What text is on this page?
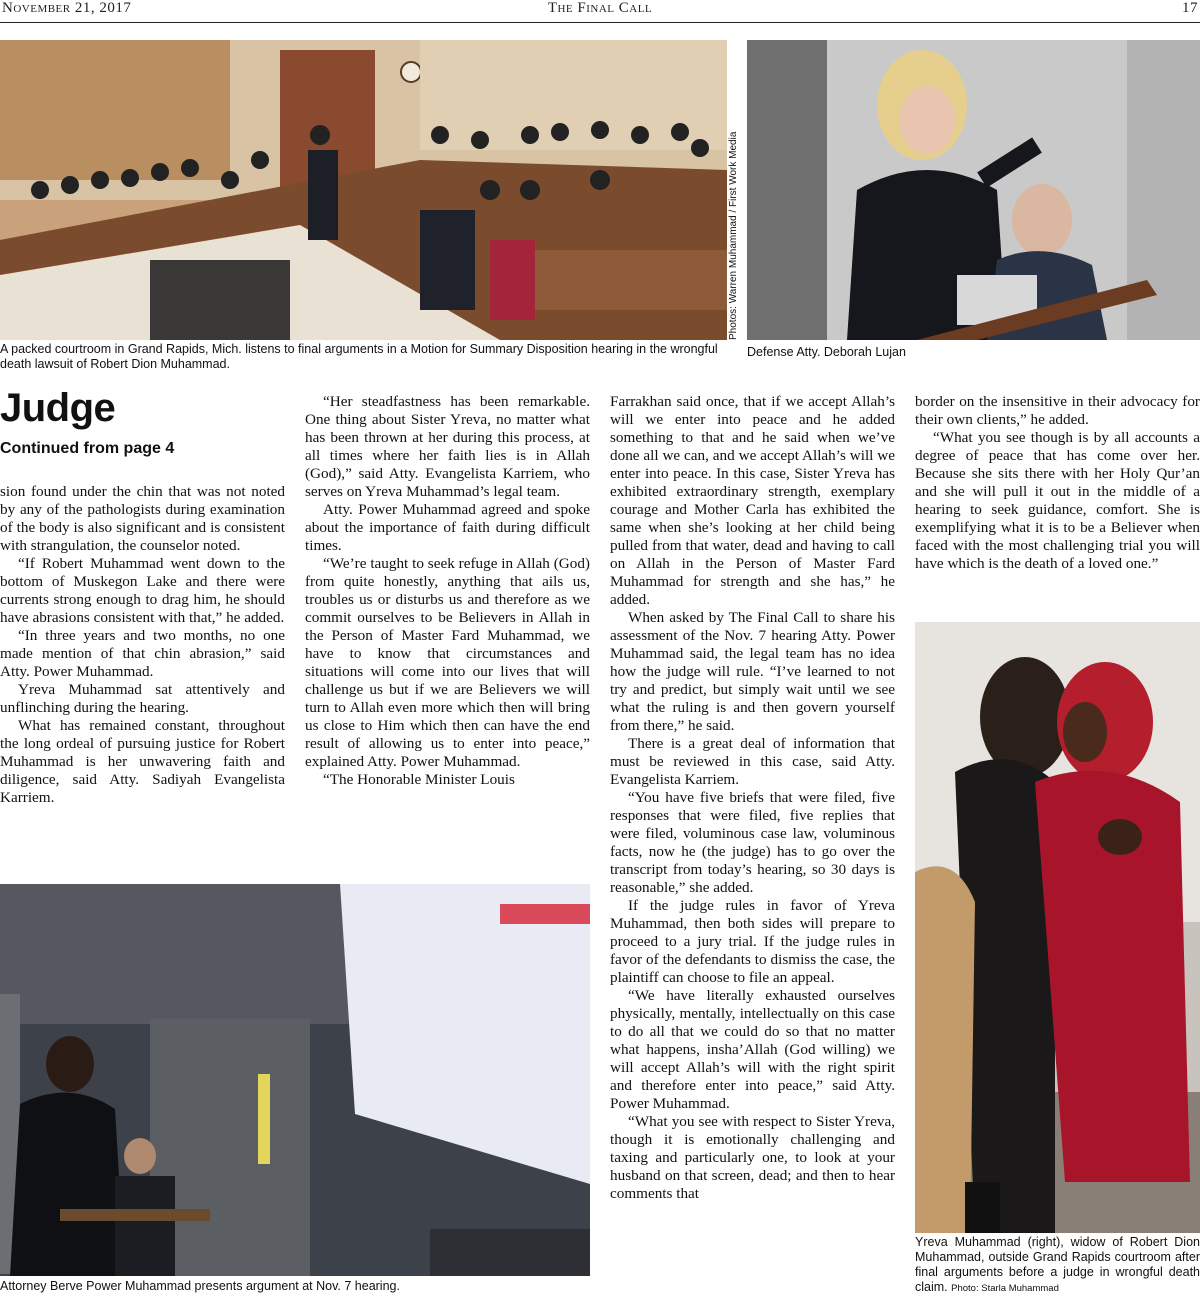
November 21, 2017	The Final Call	17
Photos: Warren Muhammad / First Work Media
A packed courtroom in Grand Rapids, Mich. listens to final arguments in a Motion for Summary Disposition hearing in the wrongful death lawsuit of Robert Dion Muhammad.
Defense Atty. Deborah Lujan
Judge
Continued from page 4

sion found under the chin that was not noted by any of the pathologists during examination of the body is also significant and is consistent with strangulation, the counselor noted.

“If Robert Muhammad went down to the bottom of Muskegon Lake and there were currents strong enough to drag him, he should have abrasions consistent with that,” he added.

“In three years and two months, no one made mention of that chin abrasion,” said Atty. Power Muhammad.

Yreva Muhammad sat attentively and unflinching during the hearing.

What has remained constant, throughout the long ordeal of pursuing justice for Robert Muhammad is her unwavering faith and diligence, said Atty. Sadiyah Evangelista Karriem.

“Her steadfastness has been remarkable. One thing about Sister Yreva, no matter what has been thrown at her during this process, at all times where her faith lies is in Allah (God),” said Atty. Evangelista Karriem, who serves on Yreva Muhammad’s legal team.

Atty. Power Muhammad agreed and spoke about the importance of faith during difficult times.

“We’re taught to seek refuge in Allah (God) from quite honestly, anything that ails us, troubles us or disturbs us and therefore as we commit ourselves to be Believers in Allah in the Person of Master Fard Muhammad, we have to know that circumstances and situations will come into our lives that will challenge us but if we are Believers we will turn to Allah even more which then will bring us close to Him which then can have the end result of allowing us to enter into peace,” explained Atty. Power Muhammad.

“The Honorable Minister Louis

Farrakhan said once, that if we accept Allah’s will we enter into peace and he added something to that and he said when we’ve done all we can, and we accept Allah’s will we enter into peace. In this case, Sister Yreva has exhibited extraordinary strength, exemplary courage and Mother Carla has exhibited the same when she’s looking at her child being pulled from that water, dead and having to call on Allah in the Person of Master Fard Muhammad for strength and she has,” he added.

When asked by The Final Call to share his assessment of the Nov. 7 hearing Atty. Power Muhammad said, the legal team has no idea how the judge will rule. “I’ve learned to not try and predict, but simply wait until we see what the ruling is and then govern yourself from there,” he said.

There is a great deal of information that must be reviewed in this case, said Atty. Evangelista Karriem.

“You have five briefs that were filed, five responses that were filed, five replies that were filed, voluminous case law, voluminous facts, now he (the judge) has to go over the transcript from today’s hearing, so 30 days is reasonable,” she added.

If the judge rules in favor of Yreva Muhammad, then both sides will prepare to proceed to a jury trial. If the judge rules in favor of the defendants to dismiss the case, the plaintiff can choose to file an appeal.

“We have literally exhausted ourselves physically, mentally, intellectually on this case to do all that we could do so that no matter what happens, insha’Allah (God willing) we will accept Allah’s will with the right spirit and therefore enter into peace,” said Atty. Power Muhammad.

“What you see with respect to Sister Yreva, though it is emotionally challenging and taxing and particularly one, to look at your husband on that screen, dead; and then to hear comments that

border on the insensitive in their advocacy for their own clients,” he added.

“What you see though is by all accounts a degree of peace that has come over her. Because she sits there with her Holy Qur’an and she will pull it out in the middle of a hearing to seek guidance, comfort. She is exemplifying what it is to be a Believer when faced with the most challenging trial you will have which is the death of a loved one.”

Attorney Berve Power Muhammad presents argument at Nov. 7 hearing.
Yreva Muhammad (right), widow of Robert Dion Muhammad, outside Grand Rapids courtroom after final arguments before a judge in wrongful death claim. Photo: Starla Muhammad
